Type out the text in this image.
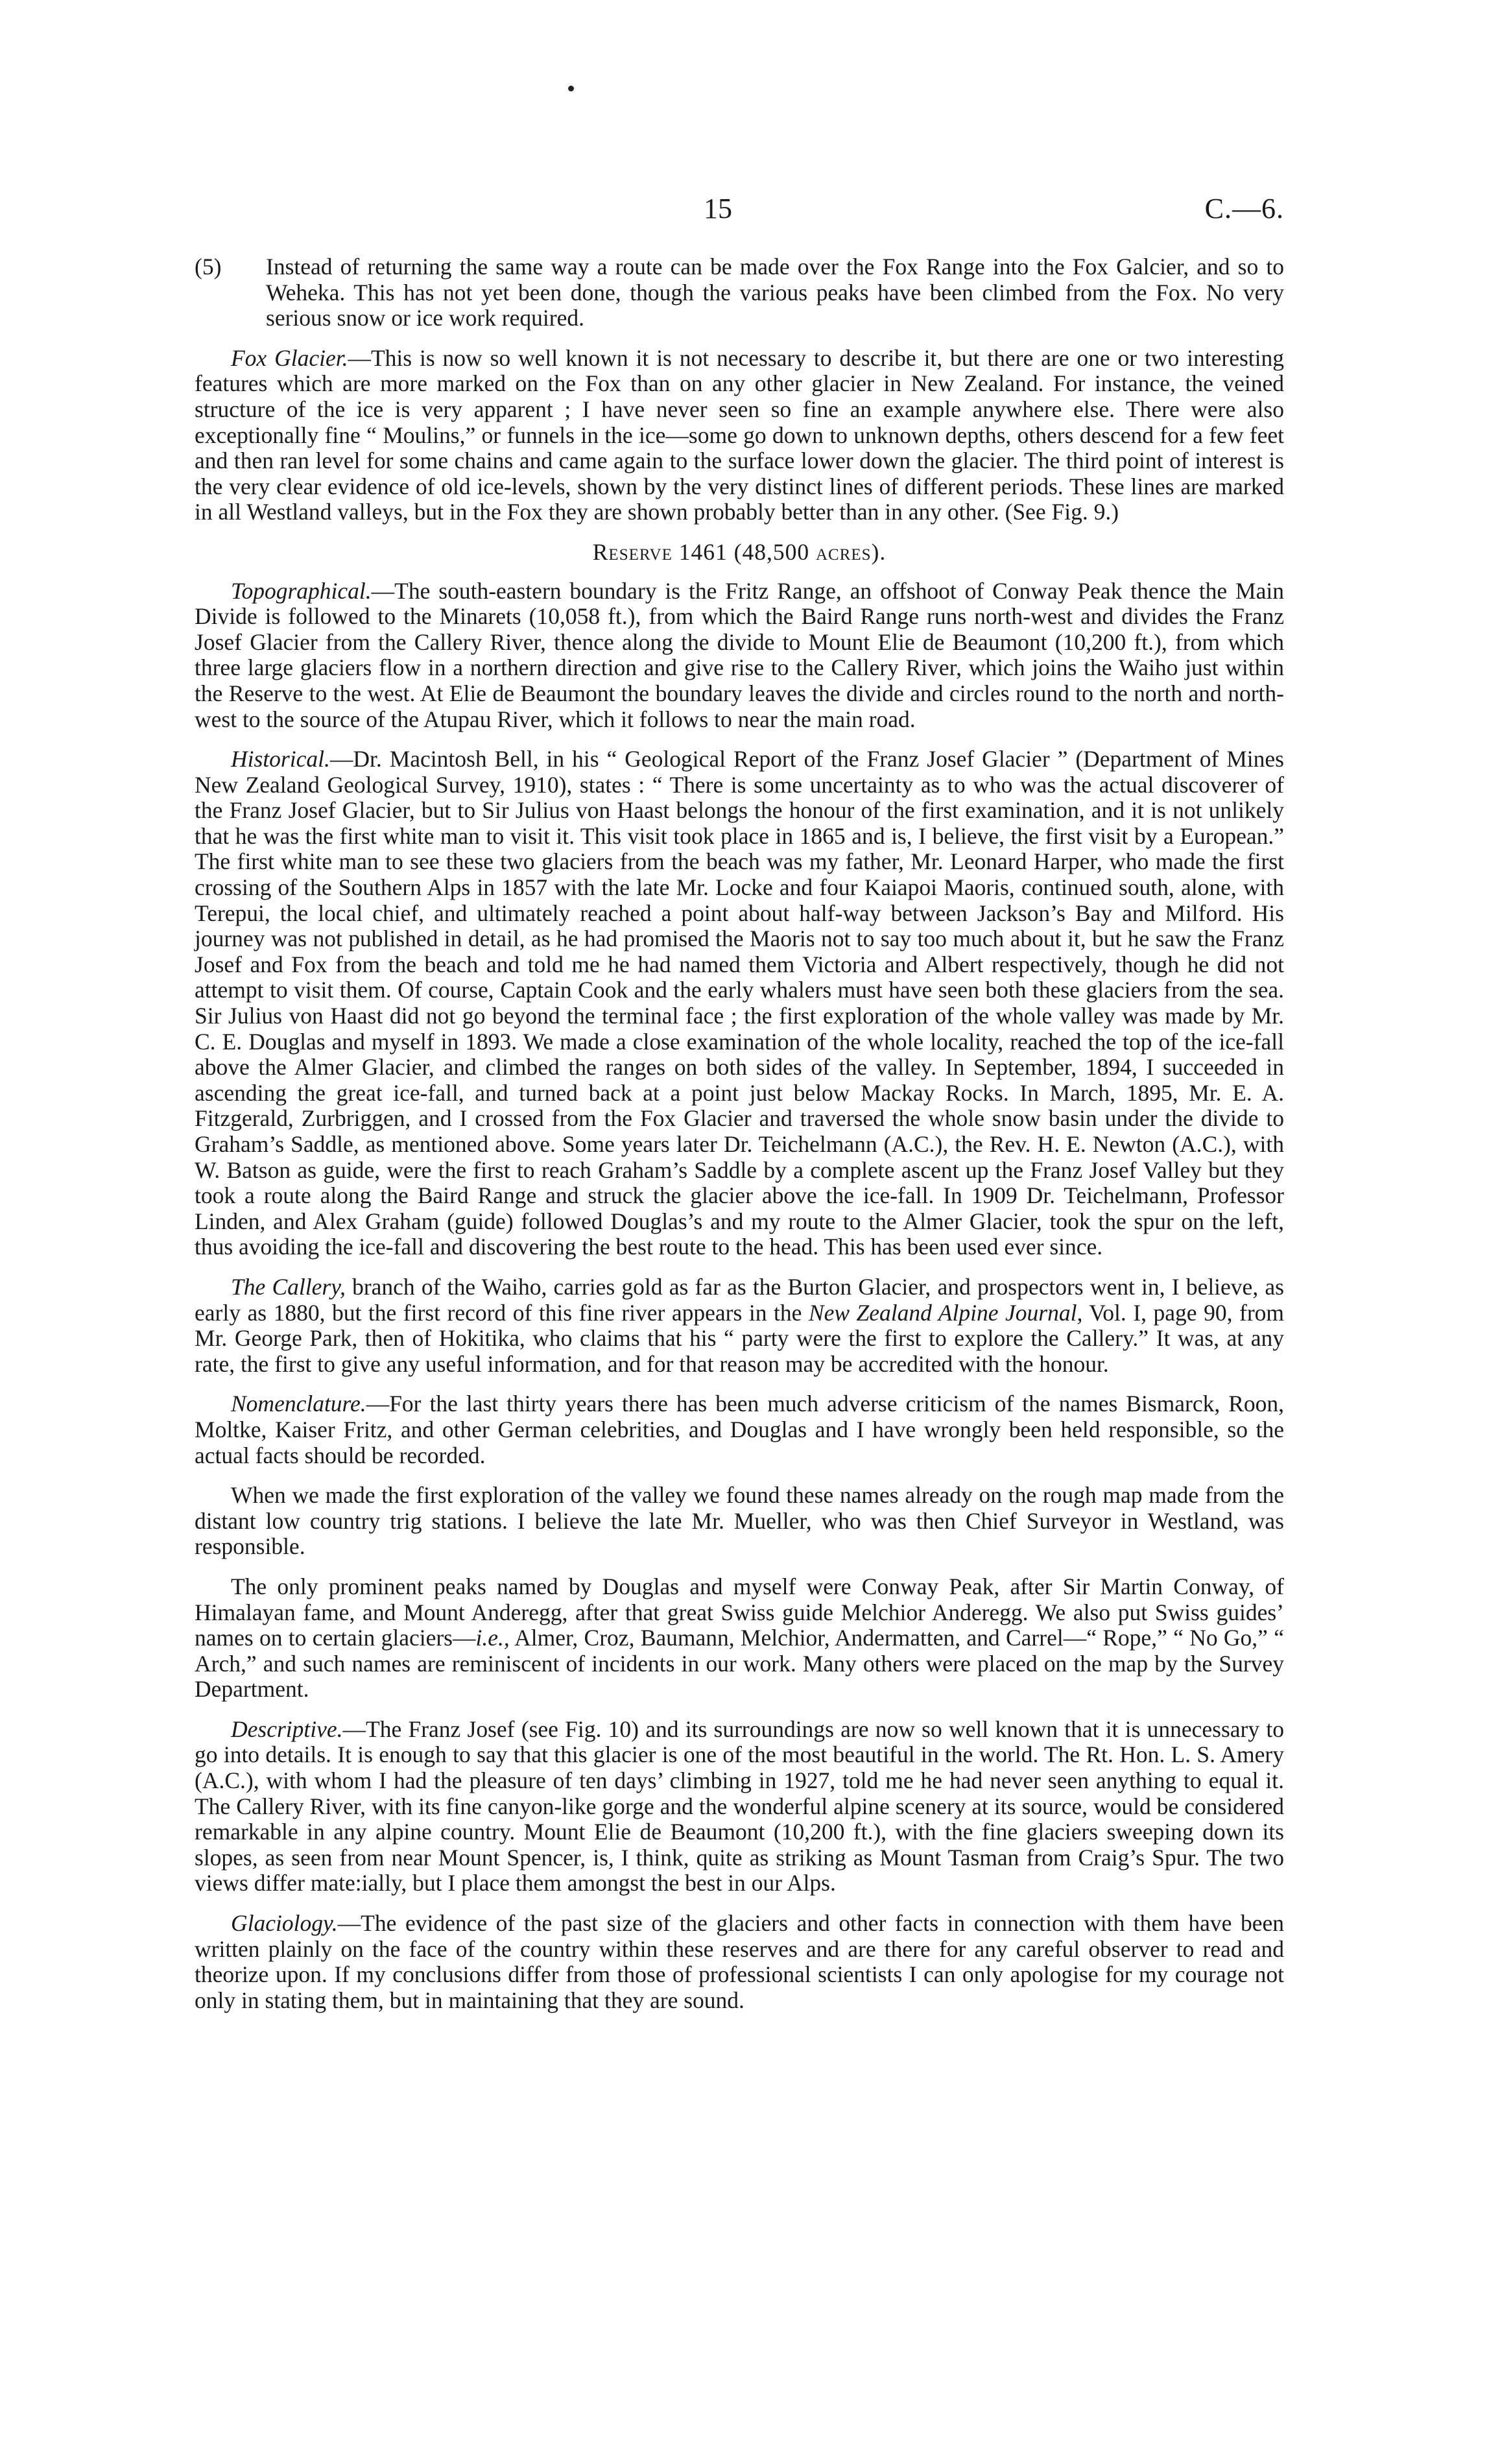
15	C.—6.

(5) Instead of returning the same way a route can be made over the Fox Range into the Fox Galcier, and so to Weheka. This has not yet been done, though the various peaks have been climbed from the Fox. No very serious snow or ice work required.

Fox Glacier.—This is now so well known it is not necessary to describe it, but there are one or two interesting features which are more marked on the Fox than on any other glacier in New Zealand. For instance, the veined structure of the ice is very apparent ; I have never seen so fine an example anywhere else. There were also exceptionally fine “ Moulins,” or funnels in the ice—some go down to unknown depths, others descend for a few feet and then ran level for some chains and came again to the surface lower down the glacier. The third point of interest is the very clear evidence of old ice-levels, shown by the very distinct lines of different periods. These lines are marked in all Westland valleys, but in the Fox they are shown probably better than in any other. (See Fig. 9.)

Reserve 1461 (48,500 acres).

Topographical.—The south-eastern boundary is the Fritz Range, an offshoot of Conway Peak thence the Main Divide is followed to the Minarets (10,058 ft.), from which the Baird Range runs north-west and divides the Franz Josef Glacier from the Callery River, thence along the divide to Mount Elie de Beaumont (10,200 ft.), from which three large glaciers flow in a northern direction and give rise to the Callery River, which joins the Waiho just within the Reserve to the west. At Elie de Beaumont the boundary leaves the divide and circles round to the north and north-west to the source of the Atupau River, which it follows to near the main road.

Historical.—Dr. Macintosh Bell, in his “ Geological Report of the Franz Josef Glacier ” (Department of Mines New Zealand Geological Survey, 1910), states : “ There is some uncertainty as to who was the actual discoverer of the Franz Josef Glacier, but to Sir Julius von Haast belongs the honour of the first examination, and it is not unlikely that he was the first white man to visit it. This visit took place in 1865 and is, I believe, the first visit by a European.” The first white man to see these two glaciers from the beach was my father, Mr. Leonard Harper, who made the first crossing of the Southern Alps in 1857 with the late Mr. Locke and four Kaiapoi Maoris, continued south, alone, with Terepui, the local chief, and ultimately reached a point about half-way between Jackson’s Bay and Milford. His journey was not published in detail, as he had promised the Maoris not to say too much about it, but he saw the Franz Josef and Fox from the beach and told me he had named them Victoria and Albert respectively, though he did not attempt to visit them. Of course, Captain Cook and the early whalers must have seen both these glaciers from the sea. Sir Julius von Haast did not go beyond the terminal face ; the first exploration of the whole valley was made by Mr. C. E. Douglas and myself in 1893. We made a close examination of the whole locality, reached the top of the ice-fall above the Almer Glacier, and climbed the ranges on both sides of the valley. In September, 1894, I succeeded in ascending the great ice-fall, and turned back at a point just below Mackay Rocks. In March, 1895, Mr. E. A. Fitzgerald, Zurbriggen, and I crossed from the Fox Glacier and traversed the whole snow basin under the divide to Graham’s Saddle, as mentioned above. Some years later Dr. Teichelmann (A.C.), the Rev. H. E. Newton (A.C.), with W. Batson as guide, were the first to reach Graham’s Saddle by a complete ascent up the Franz Josef Valley but they took a route along the Baird Range and struck the glacier above the ice-fall. In 1909 Dr. Teichelmann, Professor Linden, and Alex Graham (guide) followed Douglas’s and my route to the Almer Glacier, took the spur on the left, thus avoiding the ice-fall and discovering the best route to the head. This has been used ever since.

The Callery, branch of the Waiho, carries gold as far as the Burton Glacier, and prospectors went in, I believe, as early as 1880, but the first record of this fine river appears in the New Zealand Alpine Journal, Vol. I, page 90, from Mr. George Park, then of Hokitika, who claims that his “ party were the first to explore the Callery.” It was, at any rate, the first to give any useful information, and for that reason may be accredited with the honour.

Nomenclature.—For the last thirty years there has been much adverse criticism of the names Bismarck, Roon, Moltke, Kaiser Fritz, and other German celebrities, and Douglas and I have wrongly been held responsible, so the actual facts should be recorded.

When we made the first exploration of the valley we found these names already on the rough map made from the distant low country trig stations. I believe the late Mr. Mueller, who was then Chief Surveyor in Westland, was responsible.

The only prominent peaks named by Douglas and myself were Conway Peak, after Sir Martin Conway, of Himalayan fame, and Mount Anderegg, after that great Swiss guide Melchior Anderegg. We also put Swiss guides’ names on to certain glaciers—i.e., Almer, Croz, Baumann, Melchior, Andermatten, and Carrel—“ Rope,” “ No Go,” “ Arch,” and such names are reminiscent of incidents in our work. Many others were placed on the map by the Survey Department.

Descriptive.—The Franz Josef (see Fig. 10) and its surroundings are now so well known that it is unnecessary to go into details. It is enough to say that this glacier is one of the most beautiful in the world. The Rt. Hon. L. S. Amery (A.C.), with whom I had the pleasure of ten days’ climbing in 1927, told me he had never seen anything to equal it. The Callery River, with its fine canyon-like gorge and the wonderful alpine scenery at its source, would be considered remarkable in any alpine country. Mount Elie de Beaumont (10,200 ft.), with the fine glaciers sweeping down its slopes, as seen from near Mount Spencer, is, I think, quite as striking as Mount Tasman from Craig’s Spur. The two views differ mate:ially, but I place them amongst the best in our Alps.

Glaciology.—The evidence of the past size of the glaciers and other facts in connection with them have been written plainly on the face of the country within these reserves and are there for any careful observer to read and theorize upon. If my conclusions differ from those of professional scientists I can only apologise for my courage not only in stating them, but in maintaining that they are sound.
